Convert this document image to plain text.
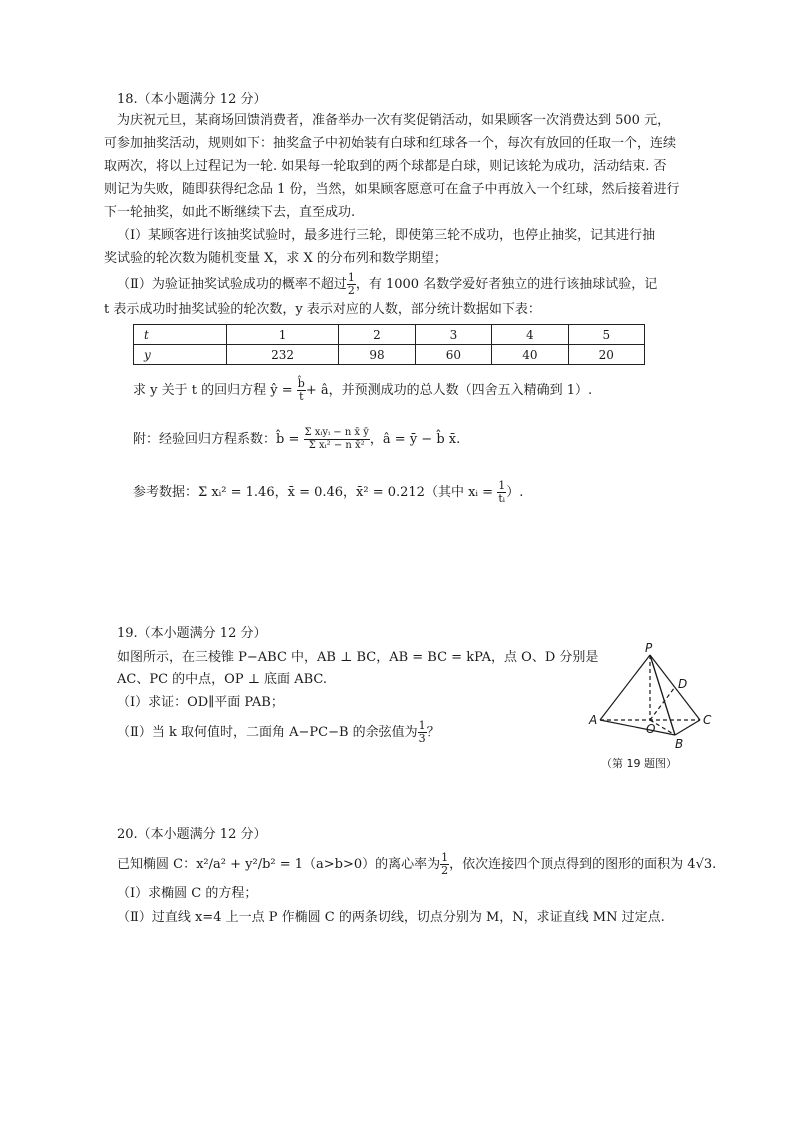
18.（本小题满分 12 分）
为庆祝元旦，某商场回馈消费者，准备举办一次有奖促销活动，如果顾客一次消费达到 500 元，
可参加抽奖活动，规则如下：抽奖盒子中初始装有白球和红球各一个，每次有放回的任取一个，连续
取两次，将以上过程记为一轮. 如果每一轮取到的两个球都是白球，则记该轮为成功，活动结束. 否
则记为失败，随即获得纪念品 1 份，当然，如果顾客愿意可在盒子中再放入一个红球，然后接着进行
下一轮抽奖，如此不断继续下去，直至成功.
（Ⅰ）某顾客进行该抽奖试验时，最多进行三轮，即使第三轮不成功，也停止抽奖，记其进行抽
奖试验的轮次数为随机变量 X，求 X 的分布列和数学期望；
（Ⅱ）为验证抽奖试验成功的概率不超过 $\frac{1}{2}$ ，有 1000 名数学爱好者独立的进行该抽球试验，记
t 表示成功时抽奖试验的轮次数，y 表示对应的人数，部分统计数据如下表：
t	1	2	3	4	5
y	232	98	60	40	20
求 y 关于 t 的回归方程 ŷ = $\frac{b̂}{t}$ + â，并预测成功的总人数（四舍五入精确到 1）.
附：经验回归方程系数：b̂ = $\frac{\text{Σ xᵢyᵢ − n x̄ ȳ}}{\text{Σ xᵢ² − n x̄²}}$ ，â = ȳ − b̂ x̄.
参考数据：Σ xᵢ² = 1.46，x̄ = 0.46，x̄² = 0.212（其中 xᵢ = $\frac{1}{\text{tᵢ}}$ ）.
19.（本小题满分 12 分）
如图所示，在三棱锥 P−ABC 中，AB ⊥ BC，AB = BC = kPA，点 O、D 分别是
AC、PC 的中点，OP ⊥ 底面 ABC.
（Ⅰ）求证：OD∥平面 PAB；
（Ⅱ）当 k 取何值时，二面角 A−PC−B 的余弦值为 $\frac{1}{3}$ ？
P
A
B
C
O
D
（第 19 题图）
20.（本小题满分 12 分）
已知椭圆 C：x²/a² + y²/b² = 1（a>b>0）的离心率为 $\frac{1}{2}$ ，依次连接四个顶点得到的图形的面积为 4√3.
（Ⅰ）求椭圆 C 的方程；
（Ⅱ）过直线 x=4 上一点 P 作椭圆 C 的两条切线，切点分别为 M，N，求证直线 MN 过定点.
